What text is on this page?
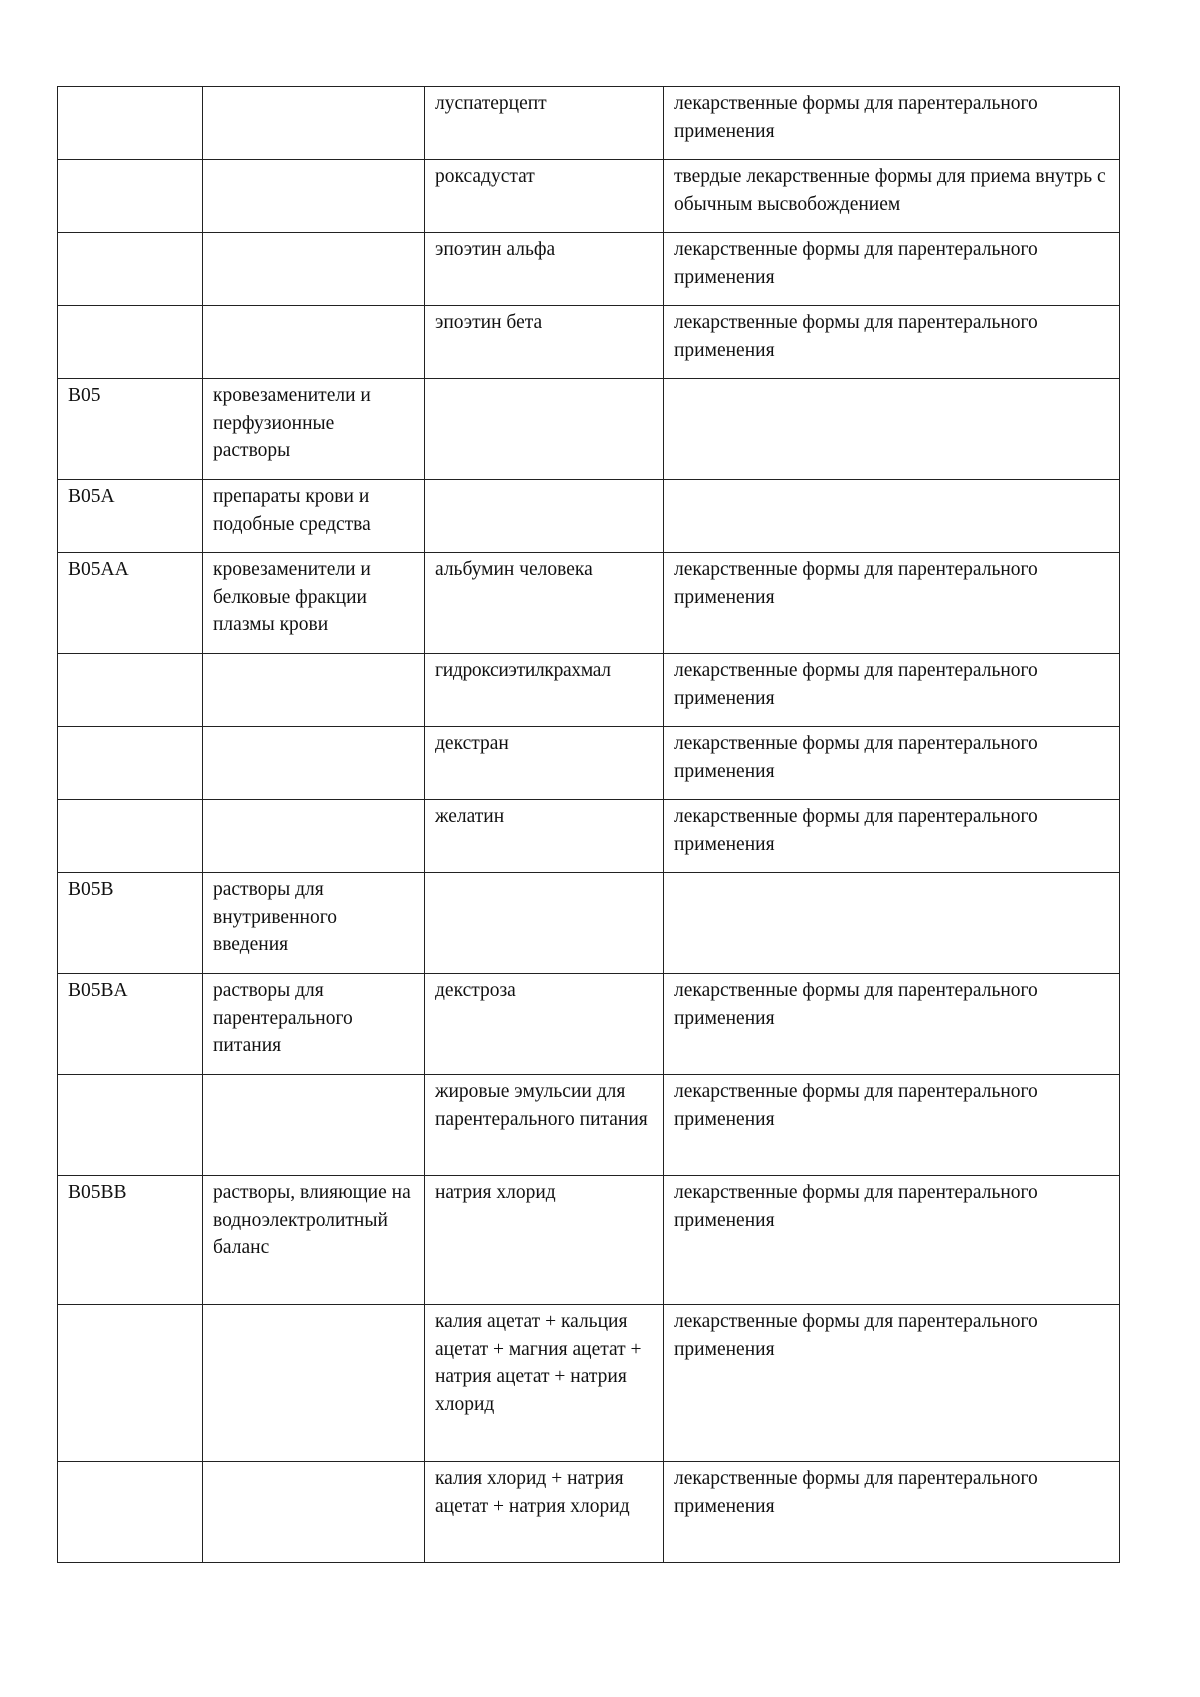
		луспатерцепт	лекарственные формы для парентерального применения
		роксадустат	твердые лекарственные формы для приема внутрь с обычным высвобождением
		эпоэтин альфа	лекарственные формы для парентерального применения
		эпоэтин бета	лекарственные формы для парентерального применения
B05	кровезаменители и перфузионные растворы		
B05A	препараты крови и подобные средства		
B05AA	кровезаменители и белковые фракции плазмы крови	альбумин человека	лекарственные формы для парентерального применения
		гидроксиэтилкрахмал	лекарственные формы для парентерального применения
		декстран	лекарственные формы для парентерального применения
		желатин	лекарственные формы для парентерального применения
B05B	растворы для внутривенного введения		
B05BA	растворы для парентерального питания	декстроза	лекарственные формы для парентерального применения
		жировые эмульсии для парентерального питания	лекарственные формы для парентерального применения
B05BB	растворы, влияющие на водноэлектролитный баланс	натрия хлорид	лекарственные формы для парентерального применения
		калия ацетат + кальция ацетат + магния ацетат + натрия ацетат + натрия хлорид	лекарственные формы для парентерального применения
		калия хлорид + натрия ацетат + натрия хлорид	лекарственные формы для парентерального применения
